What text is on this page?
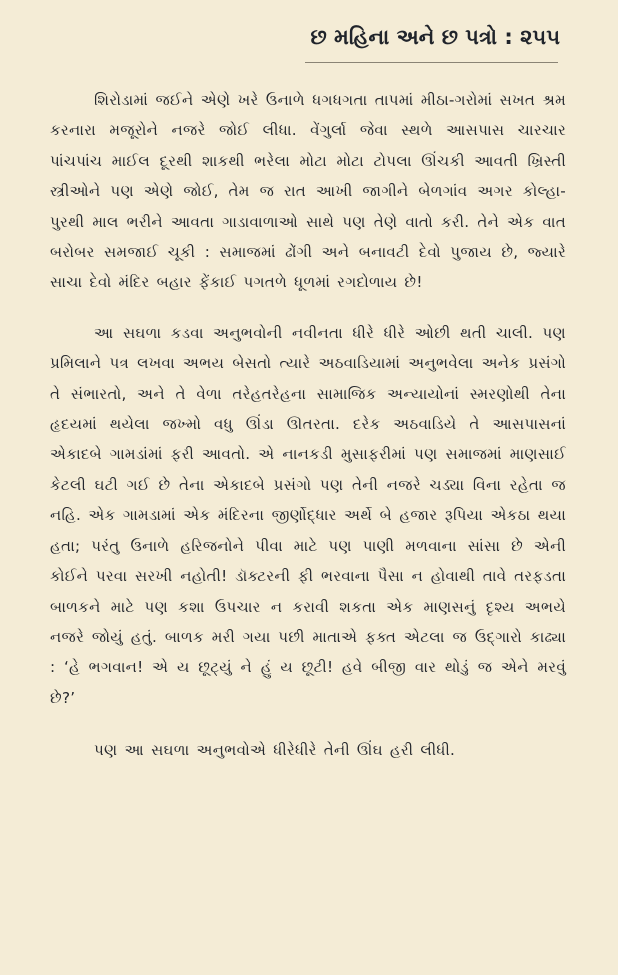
છ મહિના અને છ પત્રો : ૨૫૫

શિરોડામાં જઈને એણે ખરે ઉનાળે ધગધગતા તાપમાં મીઠા-ગરોમાં સખત શ્રમ કરનારા મજૂરોને નજરે જોઈ લીધા. વેંગુર્લા જેવા સ્થળે આસપાસ ચારચાર પાંચપાંચ માઈલ દૂરથી શાકથી ભરેલા મોટા મોટા ટોપલા ઊંચકી આવતી ખ્રિસ્તી સ્ત્રીઓને પણ એણે જોઈ, તેમ જ રાત આખી જાગીને બેળગાંવ અગર કોલ્હા-પુરથી માલ ભરીને આવતા ગાડાવાળાઓ સાથે પણ તેણે વાતો કરી. તેને એક વાત બરોબર સમજાઈ ચૂકી : સમાજમાં ઢોંગી અને બનાવટી દેવો પુજાય છે, જ્યારે સાચા દેવો મંદિર બહાર ફેંકાઈ પગતળે ધૂળમાં રગદોળાય છે!

આ સઘળા કડવા અનુભવોની નવીનતા ધીરે ધીરે ઓછી થતી ચાલી. પણ પ્રમિલાને પત્ર લખવા અભય બેસતો ત્યારે અઠવાડિયામાં અનુભવેલા અનેક પ્રસંગો તે સંભારતો, અને તે વેળા તરેહતરેહના સામાજિક અન્યાયોનાં સ્મરણોથી તેના હૃદયમાં થયેલા જખ્મો વધુ ઊંડા ઊતરતા. દરેક અઠવાડિયે તે આસપાસનાં એકાદબે ગામડાંમાં ફરી આવતો. એ નાનકડી મુસાફરીમાં પણ સમાજમાં માણસાઈ કેટલી ઘટી ગઈ છે તેના એકાદબે પ્રસંગો પણ તેની નજરે ચડ્યા વિના રહેતા જ નહિ. એક ગામડામાં એક મંદિરના જીર્ણોદ્ધાર અર્થે બે હજાર રૂપિયા એકઠા થયા હતા; પરંતુ ઉનાળે હરિજનોને પીવા માટે પણ પાણી મળવાના સાંસા છે એની કોઈને પરવા સરખી નહોતી! ડૉક્ટરની ફી ભરવાના પૈસા ન હોવાથી તાવે તરફડતા બાળકને માટે પણ કશા ઉપચાર ન કરાવી શકતા એક માણસનું દૃશ્ય અભયે નજરે જોયું હતું. બાળક મરી ગયા પછી માતાએ ફક્ત એટલા જ ઉદ્ગારો કાઢ્યા : ‘હે ભગવાન! એ ય છૂટ્યું ને હું ય છૂટી! હવે બીજી વાર થોડું જ એને મરવું છે?’

પણ આ સઘળા અનુભવોએ ધીરેધીરે તેની ઊંઘ હરી લીધી.
